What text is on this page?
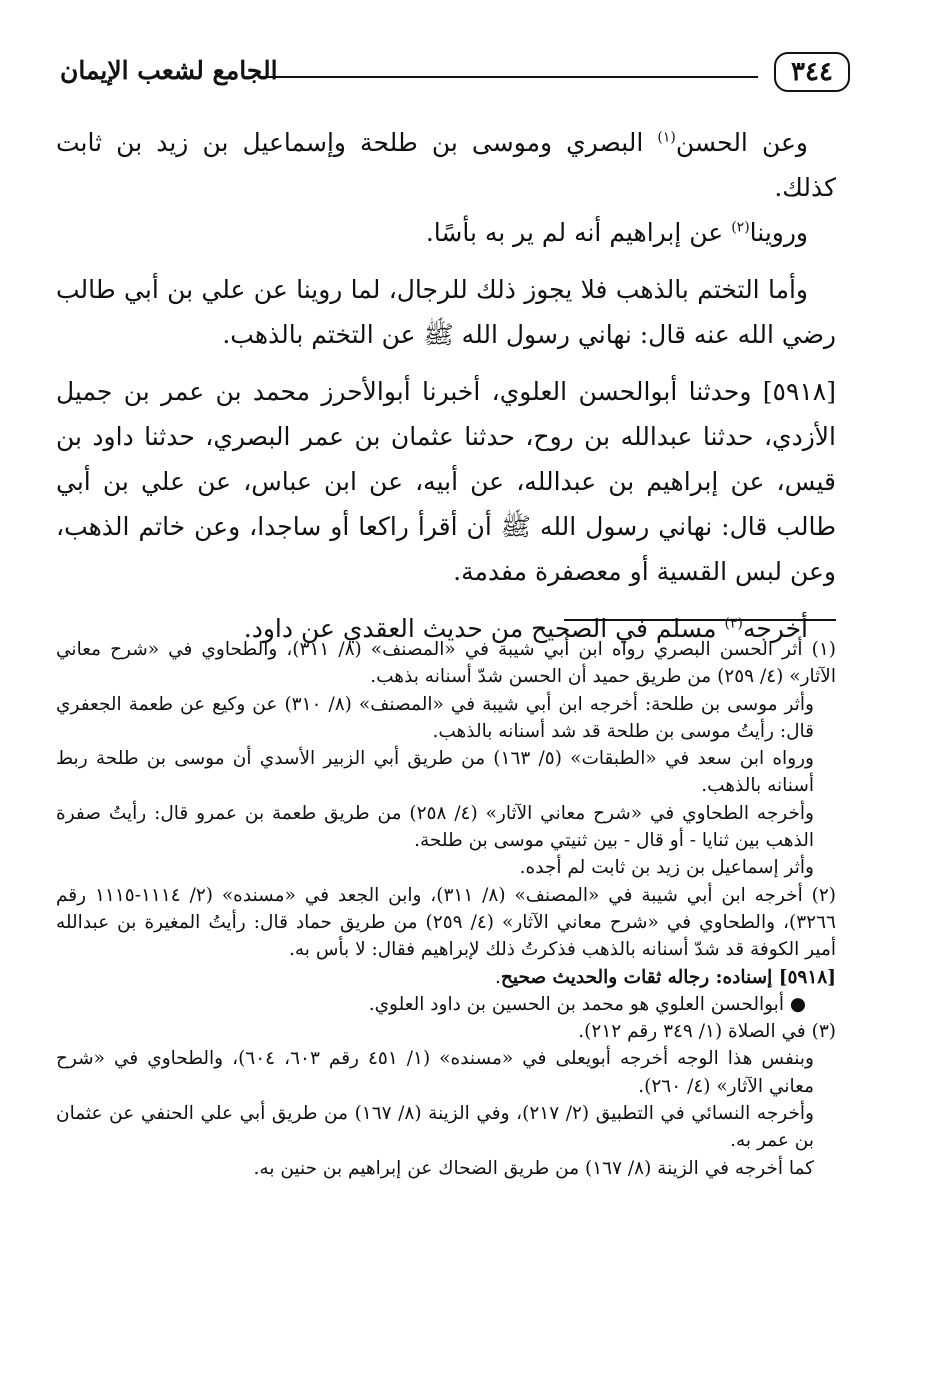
٣٤٤
الجامع لشعب الإيمان

وعن الحسن$^{(١)}$ البصري وموسى بن طلحة وإسماعيل بن زيد بن ثابت كذلك.

وروينا$^{(٢)}$ عن إبراهيم أنه لم ير به بأسًا.

وأما التختم بالذهب فلا يجوز ذلك للرجال، لما روينا عن علي بن أبي طالب رضي الله عنه قال: نهاني رسول الله ﷺ عن التختم بالذهب.

[٥٩١٨] وحدثنا أبوالحسن العلوي، أخبرنا أبوالأحرز محمد بن عمر بن جميل الأزدي، حدثنا عبدالله بن روح، حدثنا عثمان بن عمر البصري، حدثنا داود بن قيس، عن إبراهيم بن عبدالله، عن أبيه، عن ابن عباس، عن علي بن أبي طالب قال: نهاني رسول الله ﷺ أن أقرأ راكعا أو ساجدا، وعن خاتم الذهب، وعن لبس القسية أو معصفرة مفدمة.

أخرجه$^{(٣)}$ مسلم في الصحيح من حديث العقدي عن داود.

(١) أثر الحسن البصري رواه ابن أبي شيبة في «المصنف» (٨/ ٣١١)، والطحاوي في «شرح معاني الآثار» (٤/ ٢٥٩) من طريق حميد أن الحسن شدّ أسنانه بذهب.

وأثر موسى بن طلحة: أخرجه ابن أبي شيبة في «المصنف» (٨/ ٣١٠) عن وكيع عن طعمة الجعفري قال: رأيتُ موسى بن طلحة قد شد أسنانه بالذهب.

ورواه ابن سعد في «الطبقات» (٥/ ١٦٣) من طريق أبي الزبير الأسدي أن موسى بن طلحة ربط أسنانه بالذهب.

وأخرجه الطحاوي في «شرح معاني الآثار» (٤/ ٢٥٨) من طريق طعمة بن عمرو قال: رأيتُ صفرة الذهب بين ثنايا - أو قال - بين ثنيتي موسى بن طلحة.

وأثر إسماعيل بن زيد بن ثابت لم أجده.

(٢) أخرجه ابن أبي شيبة في «المصنف» (٨/ ٣١١)، وابن الجعد في «مسنده» (٢/ ١١١٤-١١١٥ رقم ٣٢٦٦)، والطحاوي في «شرح معاني الآثار» (٤/ ٢٥٩) من طريق حماد قال: رأيتُ المغيرة بن عبدالله أمير الكوفة قد شدّ أسنانه بالذهب فذكرتُ ذلك لإبراهيم فقال: لا بأس به.

[٥٩١٨] إسناده: رجاله ثقات والحديث صحيح.

● أبوالحسن العلوي هو محمد بن الحسين بن داود العلوي.

(٣) في الصلاة (١/ ٣٤٩ رقم ٢١٢).

وبنفس هذا الوجه أخرجه أبويعلى في «مسنده» (١/ ٤٥١ رقم ٦٠٣، ٦٠٤)، والطحاوي في «شرح معاني الآثار» (٤/ ٢٦٠).

وأخرجه النسائي في التطبيق (٢/ ٢١٧)، وفي الزينة (٨/ ١٦٧) من طريق أبي علي الحنفي عن عثمان بن عمر به.

كما أخرجه في الزينة (٨/ ١٦٧) من طريق الضحاك عن إبراهيم بن حنين به.
